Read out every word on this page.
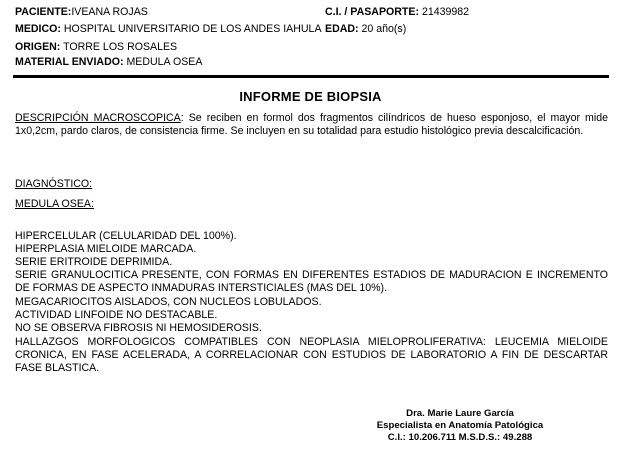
PACIENTE:IVEANA ROJAS	C.I. / PASAPORTE: 21439982
MEDICO: HOSPITAL UNIVERSITARIO DE LOS ANDES IAHULA EDAD: 20 año(s)
ORIGEN: TORRE LOS ROSALES
MATERIAL ENVIADO: MEDULA OSEA
INFORME DE BIOPSIA
DESCRIPCIÓN MACROSCOPICA: Se reciben en formol dos fragmentos cilíndricos de hueso esponjoso, el mayor mide 1x0,2cm, pardo claros, de consistencia firme. Se incluyen en su totalidad para estudio histológico previa descalcificación.
DIAGNÓSTICO:
MEDULA OSEA:
HIPERCELULAR (CELULARIDAD DEL 100%).
HIPERPLASIA MIELOIDE MARCADA.
SERIE ERITROIDE DEPRIMIDA.
SERIE GRANULOCITICA PRESENTE, CON FORMAS EN DIFERENTES ESTADIOS DE MADURACION E INCREMENTO DE FORMAS DE ASPECTO INMADURAS INTERSTICIALES (MAS DEL 10%).
MEGACARIOCITOS AISLADOS, CON NUCLEOS LOBULADOS.
ACTIVIDAD LINFOIDE NO DESTACABLE.
NO SE OBSERVA FIBROSIS NI HEMOSIDEROSIS.
HALLAZGOS MORFOLOGICOS COMPATIBLES CON NEOPLASIA MIELOPROLIFERATIVA: LEUCEMIA MIELOIDE CRONICA, EN FASE ACELERADA, A CORRELACIONAR CON ESTUDIOS DE LABORATORIO A FIN DE DESCARTAR FASE BLASTICA.
Dra. Marie Laure García
Especialista en Anatomía Patológica
C.I.: 10.206.711 M.S.D.S.: 49.288
